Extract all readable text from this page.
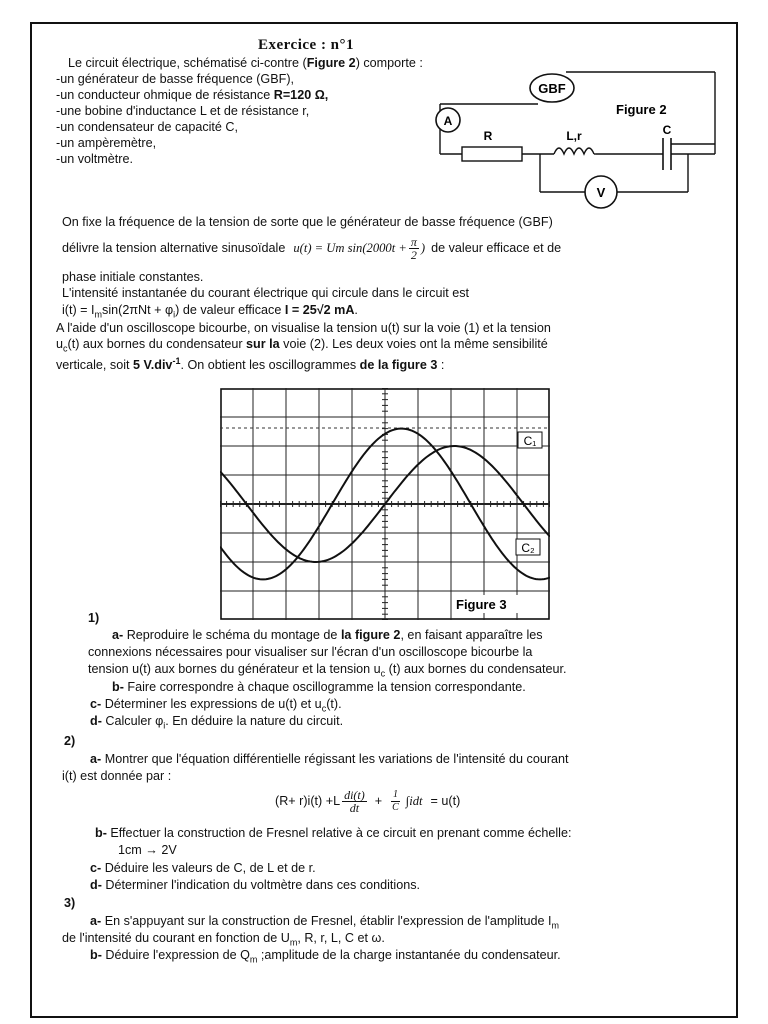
Exercice : n°1
Le circuit électrique, schématisé ci-contre (Figure 2) comporte :
-un générateur de basse fréquence (GBF),
-un conducteur ohmique de résistance R=120 Ω,
-une bobine d'inductance L et de résistance r,
-un condensateur de capacité C,
-un ampèremètre,
-un voltmètre.
GBF
A
Figure 2
R	L,r	C
V
On fixe la fréquence de la tension de sorte que le générateur de basse fréquence (GBF)
délivre la tension alternative sinusoïdale u(t) = Um $\sin(2000t + \frac{\pi}{2}$ ) de valeur efficace et de
phase initiale constantes.
L'intensité instantanée du courant électrique qui circule dans le circuit est
$i(t) = I_m\sin(2\pi Nt + \varphi_i)$ de valeur efficace I = 25√2 mA.
A l'aide d'un oscilloscope bicourbe, on visualise la tension u(t) sur la voie (1) et la tension
$u_c(t)$ aux bornes du condensateur sur la voie (2). Les deux voies ont la même sensibilité
verticale, soit 5 V.div$^{-1}$. On obtient les oscillogrammes de la figure 3 :
C₁
C₂
Figure 3
1)
a- Reproduire le schéma du montage de la figure 2, en faisant apparaître les
connexions nécessaires pour visualiser sur l'écran d'un oscilloscope bicourbe la
tension u(t) aux bornes du générateur et la tension $u_c$ (t) aux bornes du condensateur.
b- Faire correspondre à chaque oscillogramme la tension correspondante.
c- Déterminer les expressions de u(t) et $u_c(t)$.
d- Calculer $\varphi_i$. En déduire la nature du circuit.
2)
a- Montrer que l'équation différentielle régissant les variations de l'intensité du courant
i(t) est donnée par :
$(R+ r)i(t) +L \frac{di(t)}{dt} + \frac{1}{C} \int idt = u(t)$
b- Effectuer la construction de Fresnel relative à ce circuit en prenant comme échelle:
1cm → 2V
c- Déduire les valeurs de C, de L et de r.
d- Déterminer l'indication du voltmètre dans ces conditions.
3)
a- En s'appuyant sur la construction de Fresnel, établir l'expression de l'amplitude $I_m$
de l'intensité du courant en fonction de $U_m$, R, r, L, C et ω.
b- Déduire l'expression de $Q_m$ ;amplitude de la charge instantanée du condensateur.
